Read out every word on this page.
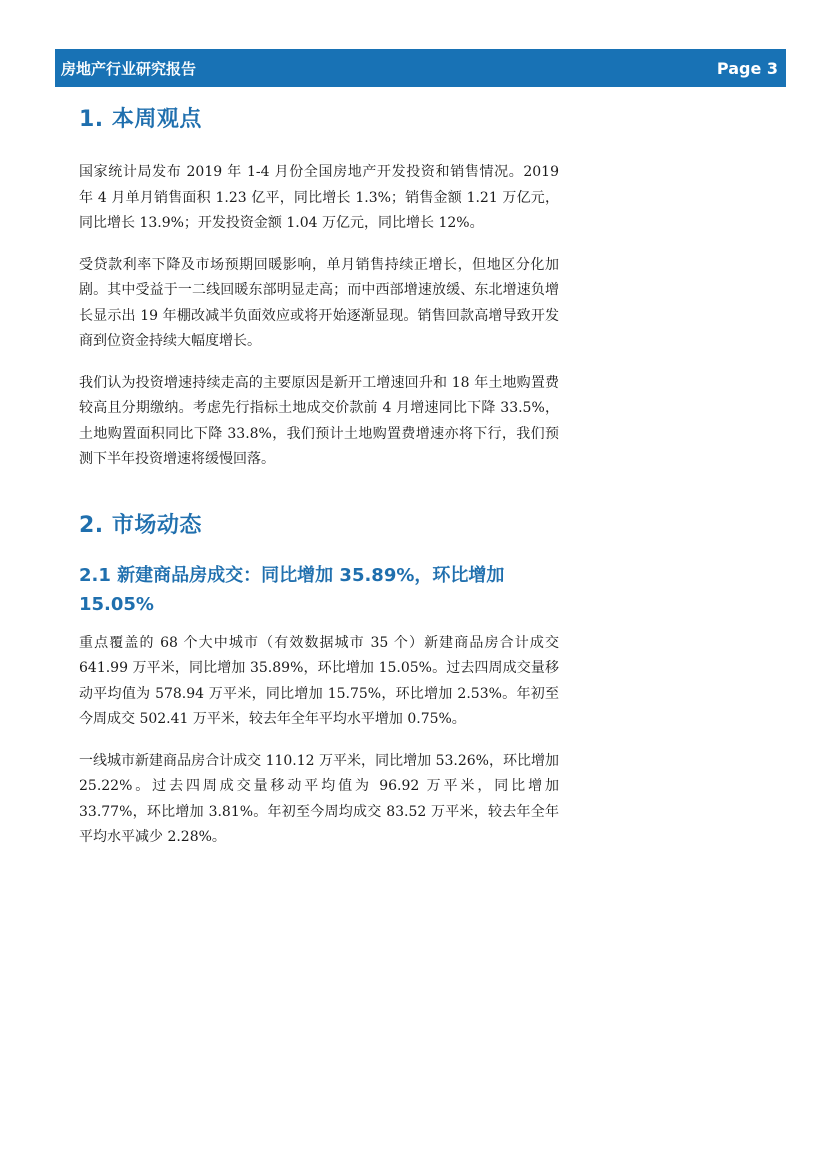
房地产行业研究报告	Page 3
1. 本周观点

国家统计局发布 2019 年 1-4 月份全国房地产开发投资和销售情况。2019 年 4 月单月销售面积 1.23 亿平，同比增长 1.3%；销售金额 1.21 万亿元，同比增长 13.9%；开发投资金额 1.04 万亿元，同比增长 12%。

受贷款利率下降及市场预期回暖影响，单月销售持续正增长，但地区分化加剧。其中受益于一二线回暖东部明显走高；而中西部增速放缓、东北增速负增长显示出 19 年棚改减半负面效应或将开始逐渐显现。销售回款高增导致开发商到位资金持续大幅度增长。

我们认为投资增速持续走高的主要原因是新开工增速回升和 18 年土地购置费较高且分期缴纳。考虑先行指标土地成交价款前 4 月增速同比下降 33.5%，土地购置面积同比下降 33.8%，我们预计土地购置费增速亦将下行，我们预测下半年投资增速将缓慢回落。

2. 市场动态
2.1 新建商品房成交：同比增加 35.89%，环比增加 15.05%

重点覆盖的 68 个大中城市（有效数据城市 35 个）新建商品房合计成交 641.99 万平米，同比增加 35.89%，环比增加 15.05%。过去四周成交量移动平均值为 578.94 万平米，同比增加 15.75%，环比增加 2.53%。年初至今周成交 502.41 万平米，较去年全年平均水平增加 0.75%。

一线城市新建商品房合计成交 110.12 万平米，同比增加 53.26%，环比增加 25.22%。过去四周成交量移动平均值为 96.92 万平米，同比增加 33.77%，环比增加 3.81%。年初至今周均成交 83.52 万平米，较去年全年平均水平减少 2.28%。
